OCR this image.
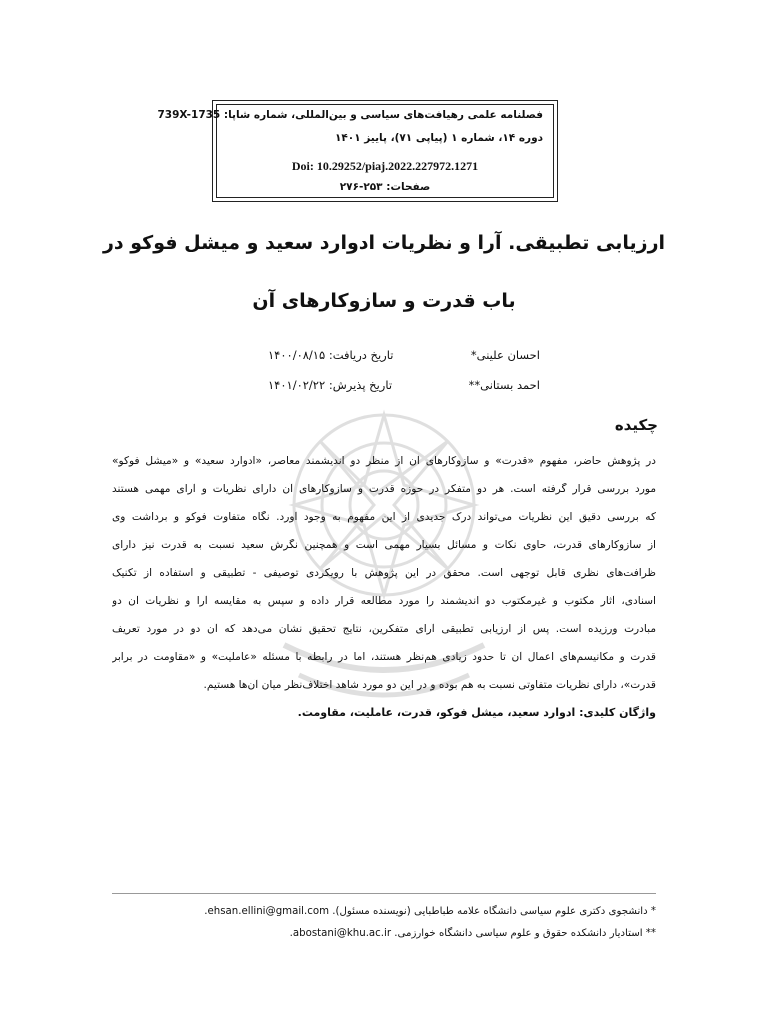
فصلنامه علمی رهیافت‌های سیاسی و بین‌المللی، شماره شاپا: 739X-1735
دوره ۱۴، شماره ۱ (پیاپی ۷۱)، پاییز ۱۴۰۱
Doi: 10.29252/piaj.2022.227972.1271
صفحات: ۲۵۳-۲۷۶
ارزیابی تطبیقی. آرا و نظریات ادوارد سعید و میشل فوکو در
باب قدرت و سازوکارهای آن
احسان علینی*
تاریخ دریافت: ۱۴۰۰/۰۸/۱۵
احمد بستانی**
تاریخ پذیرش: ۱۴۰۱/۰۲/۲۲
چکیده
در پژوهش حاضر، مفهوم «قدرت» و سازوکارهای آن از منظر دو اندیشمند معاصر، «ادوارد سعید» و «میشل فوکو»
مورد بررسی قرار گرفته است. هر دو متفکر در حوزه قدرت و سازوکارهای آن دارای نظریات و آرای مهمی هستند
که بررسی دقیق این نظریات می‌تواند درک جدیدی از این مفهوم به وجود آورد. نگاه متفاوت فوکو و برداشت وی
از سازوکارهای قدرت، حاوی نکات و مسائل بسیار مهمی است و همچنین نگرش سعید نسبت به قدرت نیز دارای
ظرافت‌های نظری قابل توجهی است. محقق در این پژوهش با رویکردی توصیفی - تطبیقی و استفاده از تکنیک
اسنادی، آثار مکتوب و غیرمکتوب دو اندیشمند را مورد مطالعه قرار داده و سپس به مقایسه آرا و نظریات آن دو
مبادرت ورزیده است. پس از ارزیابی تطبیقی آرای متفکرین، نتایج تحقیق نشان می‌دهد که آن دو در مورد تعریف
قدرت و مکانیسم‌های اعمال آن تا حدود زیادی هم‌نظر هستند، اما در رابطه با مسئله «عاملیت» و «مقاومت در برابر
قدرت»، دارای نظریات متفاوتی نسبت به هم بوده و در این دو مورد شاهد اختلاف‌نظر میان آن‌ها هستیم.
واژگان کلیدی: ادوارد سعید، میشل فوکو، قدرت، عاملیت، مقاومت.
* دانشجوی دکتری علوم سیاسی دانشگاه علامه طباطبایی (نویسنده مسئول). ehsan.ellini@gmail.com.
** استادیار دانشکده حقوق و علوم سیاسی دانشگاه خوارزمی. abostani@khu.ac.ir.
